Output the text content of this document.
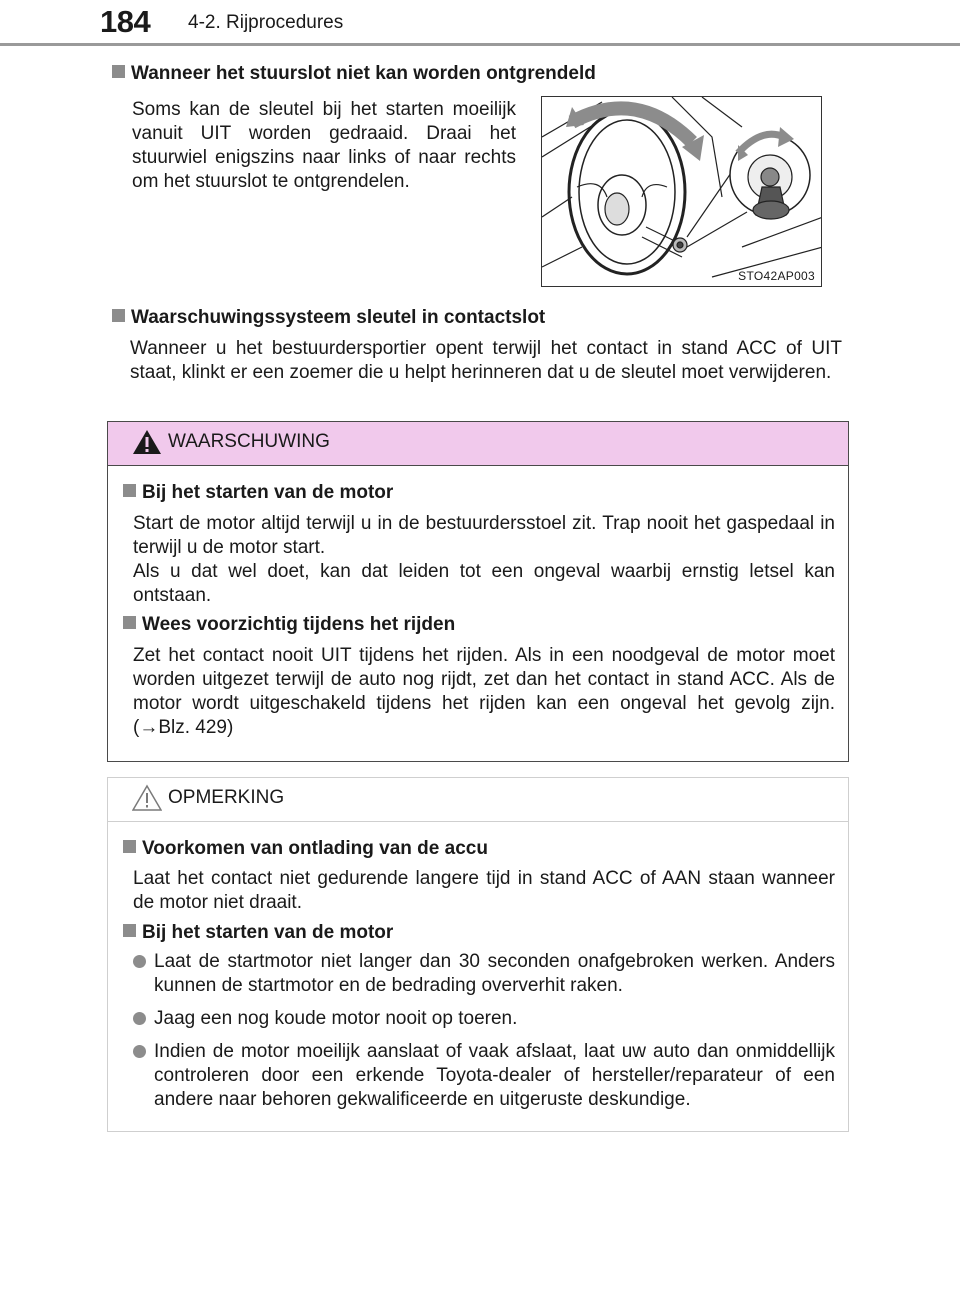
184 4-2. Rijprocedures
Wanneer het stuurslot niet kan worden ontgrendeld
Soms kan de sleutel bij het starten moeilijk vanuit UIT worden gedraaid. Draai het stuurwiel enigszins naar links of naar rechts om het stuurslot te ontgrendelen.
STO42AP003
Waarschuwingssysteem sleutel in contactslot
Wanneer u het bestuurdersportier opent terwijl het contact in stand ACC of UIT staat, klinkt er een zoemer die u helpt herinneren dat u de sleutel moet verwijderen.
WAARSCHUWING
Bij het starten van de motor
Start de motor altijd terwijl u in de bestuurdersstoel zit. Trap nooit het gaspedaal in terwijl u de motor start.
Als u dat wel doet, kan dat leiden tot een ongeval waarbij ernstig letsel kan ontstaan.
Wees voorzichtig tijdens het rijden
Zet het contact nooit UIT tijdens het rijden. Als in een noodgeval de motor moet worden uitgezet terwijl de auto nog rijdt, zet dan het contact in stand ACC. Als de motor wordt uitgeschakeld tijdens het rijden kan een ongeval het gevolg zijn. (→Blz. 429)
OPMERKING
Voorkomen van ontlading van de accu
Laat het contact niet gedurende langere tijd in stand ACC of AAN staan wanneer de motor niet draait.
Bij het starten van de motor
Laat de startmotor niet langer dan 30 seconden onafgebroken werken. Anders kunnen de startmotor en de bedrading oververhit raken.
Jaag een nog koude motor nooit op toeren.
Indien de motor moeilijk aanslaat of vaak afslaat, laat uw auto dan onmiddellijk controleren door een erkende Toyota-dealer of hersteller/reparateur of een andere naar behoren gekwalificeerde en uitgeruste deskundige.
